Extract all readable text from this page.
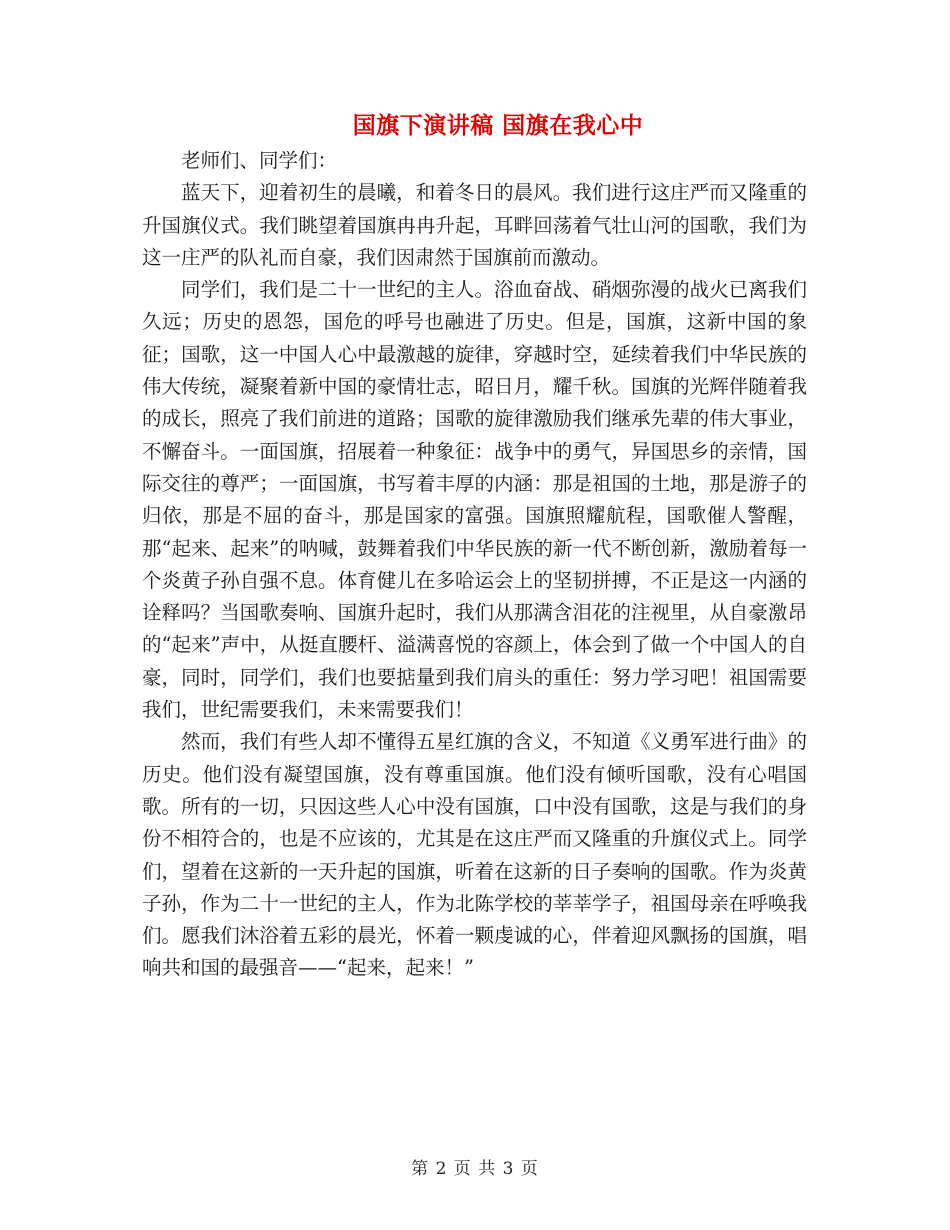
国旗下演讲稿 国旗在我心中

老师们、同学们：

蓝天下，迎着初生的晨曦，和着冬日的晨风。我们进行这庄严而又隆重的升国旗仪式。我们眺望着国旗冉冉升起，耳畔回荡着气壮山河的国歌，我们为这一庄严的队礼而自豪，我们因肃然于国旗前而激动。

同学们，我们是二十一世纪的主人。浴血奋战、硝烟弥漫的战火已离我们久远；历史的恩怨，国危的呼号也融进了历史。但是，国旗，这新中国的象征；国歌，这一中国人心中最激越的旋律，穿越时空，延续着我们中华民族的伟大传统，凝聚着新中国的豪情壮志，昭日月，耀千秋。国旗的光辉伴随着我的成长，照亮了我们前进的道路；国歌的旋律激励我们继承先辈的伟大事业，不懈奋斗。一面国旗，招展着一种象征：战争中的勇气，异国思乡的亲情，国际交往的尊严；一面国旗，书写着丰厚的内涵：那是祖国的土地，那是游子的归依，那是不屈的奋斗，那是国家的富强。国旗照耀航程，国歌催人警醒，那“起来、起来”的呐喊，鼓舞着我们中华民族的新一代不断创新，激励着每一个炎黄子孙自强不息。体育健儿在多哈运会上的坚韧拼搏，不正是这一内涵的诠释吗？当国歌奏响、国旗升起时，我们从那满含泪花的注视里，从自豪激昂的“起来”声中，从挺直腰杆、溢满喜悦的容颜上，体会到了做一个中国人的自豪，同时，同学们，我们也要掂量到我们肩头的重任：努力学习吧！祖国需要我们，世纪需要我们，未来需要我们！

然而，我们有些人却不懂得五星红旗的含义，不知道《义勇军进行曲》的历史。他们没有凝望国旗，没有尊重国旗。他们没有倾听国歌，没有心唱国歌。所有的一切，只因这些人心中没有国旗，口中没有国歌，这是与我们的身份不相符合的，也是不应该的，尤其是在这庄严而又隆重的升旗仪式上。同学们，望着在这新的一天升起的国旗，听着在这新的日子奏响的国歌。作为炎黄子孙，作为二十一世纪的主人，作为北陈学校的莘莘学子，祖国母亲在呼唤我们。愿我们沐浴着五彩的晨光，怀着一颗虔诚的心，伴着迎风飘扬的国旗，唱响共和国的最强音——“起来，起来！”

第 2 页 共 3 页
